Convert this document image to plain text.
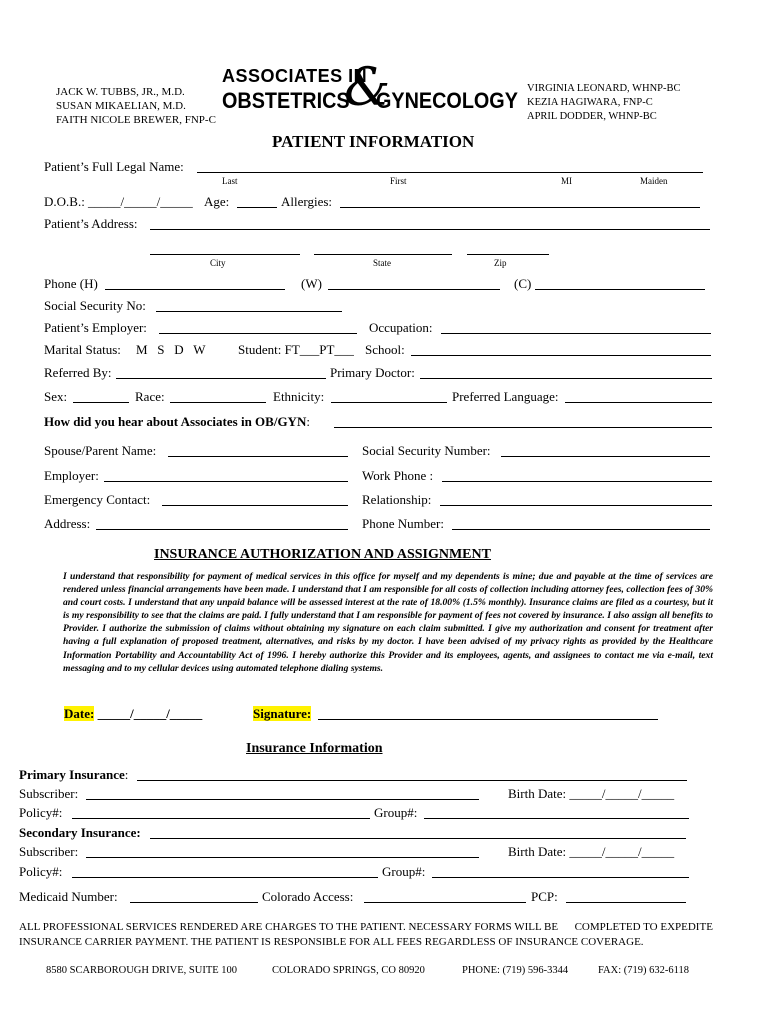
JACK W. TUBBS, JR., M.D.
SUSAN MIKAELIAN, M.D.
FAITH NICOLE BREWER, FNP-C
ASSOCIATES IN
OBSTETRICS
&
GYNECOLOGY VIRGINIA LEONARD, WHNP-BC
KEZIA HAGIWARA, FNP-C
APRIL DODDER, WHNP-BC
PATIENT INFORMATION
Patient’s Full Legal Name:
Last	First	MI	Maiden
D.O.B.: _____/_____/_____ Age:	Allergies:
Patient’s Address:
City	State	Zip
Phone (H)	(W)	(C)
Social Security No:
Patient’s Employer:	Occupation:
Marital Status: M   S   D   W	Student: FT___PT___ School:
Referred By:	Primary Doctor:
Sex:	Race:	Ethnicity:	Preferred Language:
How did you hear about Associates in OB/GYN:
Spouse/Parent Name:	Social Security Number:
Employer:	Work Phone :
Emergency Contact:	Relationship:
Address:	Phone Number:
INSURANCE AUTHORIZATION AND ASSIGNMENT
I understand that responsibility for payment of medical services in this office for myself and my dependents is mine; due and payable at the time of services are rendered unless financial arrangements have been made. I understand that I am responsible for all costs of collection including attorney fees, collection fees of 30% and court costs. I understand that any unpaid balance will be assessed interest at the rate of 18.00% (1.5% monthly). Insurance claims are filed as a courtesy, but it is my responsibility to see that the claims are paid. I fully understand that I am responsible for payment of fees not covered by insurance. I also assign all benefits to Provider. I authorize the submission of claims without obtaining my signature on each claim submitted. I give my authorization and consent for treatment after having a full explanation of proposed treatment, alternatives, and risks by my doctor. I have been advised of my privacy rights as provided by the Healthcare Information Portability and Accountability Act of 1996. I hereby authorize this Provider and its employees, agents, and assignees to contact me via e-mail, text messaging and to my cellular devices using automated telephone dialing systems.
Date: _____/_____/_____	Signature:
Insurance Information
Primary Insurance:
Subscriber:	Birth Date: _____/_____/_____
Policy#:	Group#:
Secondary Insurance:
Subscriber:	Birth Date: _____/_____/_____
Policy#:	Group#:
Medicaid Number:	Colorado Access:	PCP:
ALL PROFESSIONAL SERVICES RENDERED ARE CHARGES TO THE PATIENT. NECESSARY FORMS WILL BE      COMPLETED TO EXPEDITE INSURANCE CARRIER PAYMENT. THE PATIENT IS RESPONSIBLE FOR ALL FEES REGARDLESS OF INSURANCE COVERAGE.
8580 SCARBOROUGH DRIVE, SUITE 100	COLORADO SPRINGS, CO 80920	PHONE: (719) 596-3344	FAX: (719) 632-6118
